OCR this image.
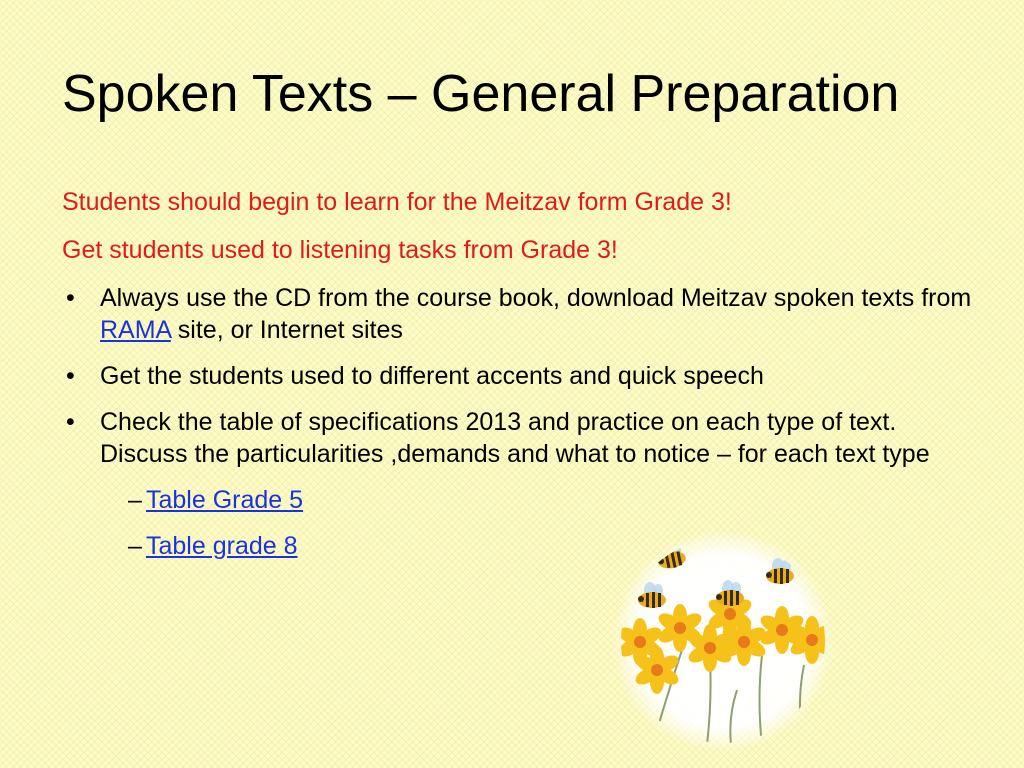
Spoken Texts – General Preparation
Students should begin to learn for the Meitzav form Grade 3!
Get students used to listening tasks from Grade 3!
• Always use the CD from the course book, download Meitzav spoken texts from RAMA site, or Internet sites
• Get the students used to different accents and quick speech
• Check the table of specifications 2013 and practice on each type of text. Discuss the particularities ,demands and what to notice – for each text type
– Table Grade 5
– Table grade 8
